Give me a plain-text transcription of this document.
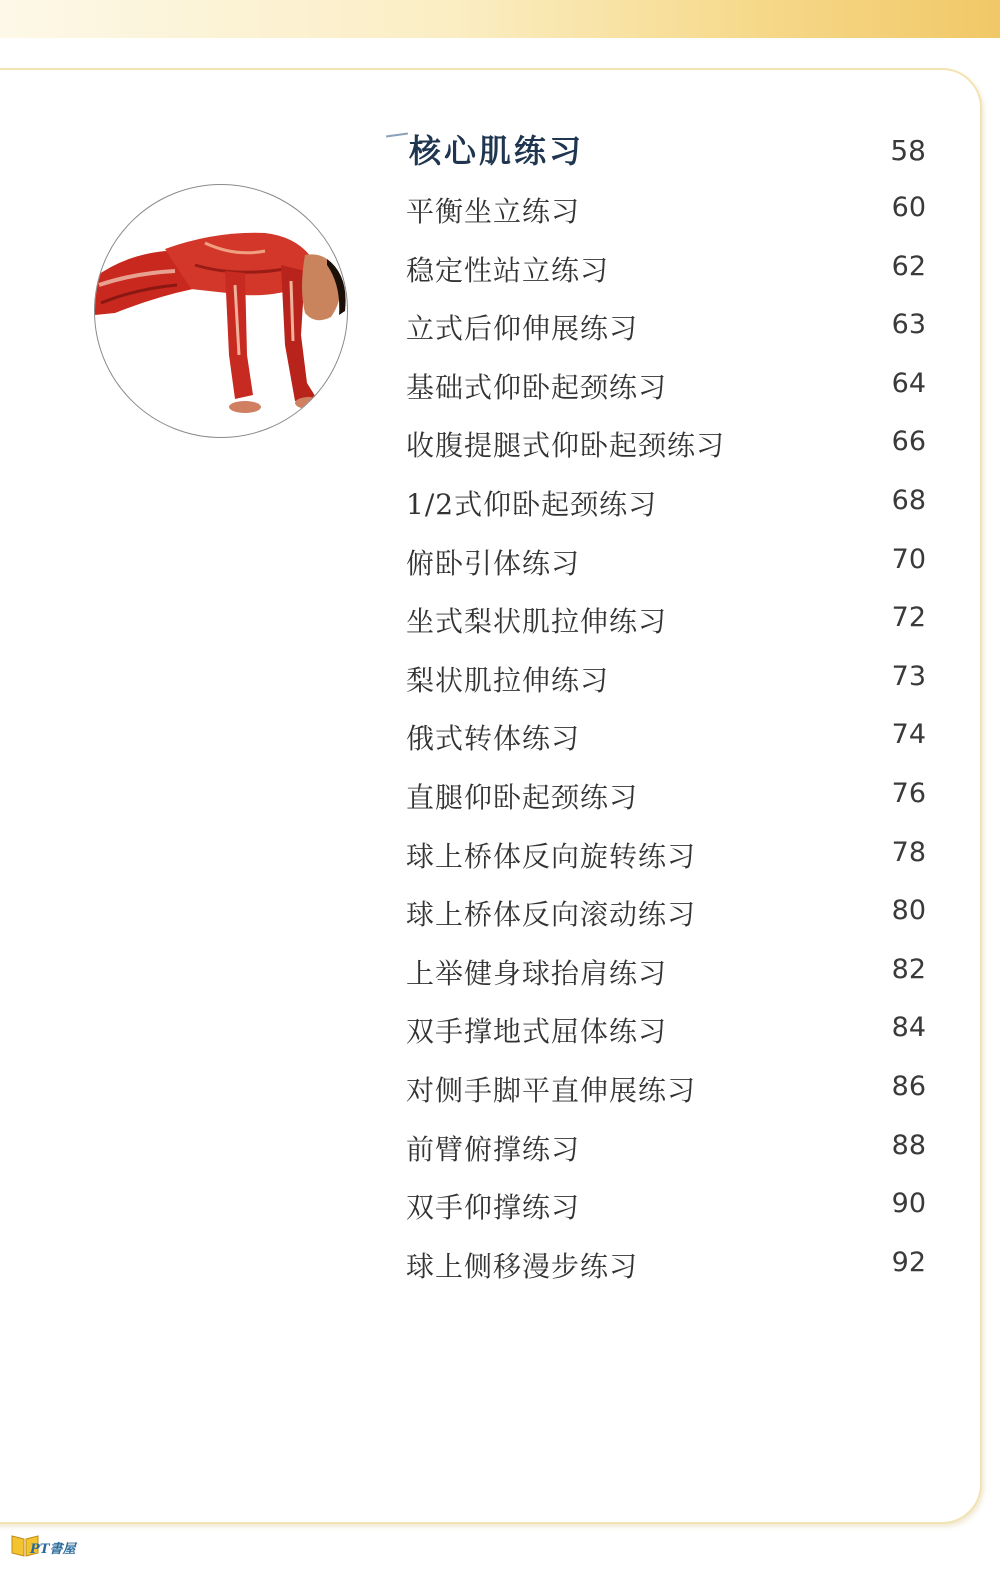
核心肌练习	58
平衡坐立练习	60
稳定性站立练习	62
立式后仰伸展练习	63
基础式仰卧起颈练习	64
收腹提腿式仰卧起颈练习	66
1/2式仰卧起颈练习	68
俯卧引体练习	70
坐式梨状肌拉伸练习	72
梨状肌拉伸练习	73
俄式转体练习	74
直腿仰卧起颈练习	76
球上桥体反向旋转练习	78
球上桥体反向滚动练习	80
上举健身球抬肩练习	82
双手撑地式屈体练习	84
对侧手脚平直伸展练习	86
前臂俯撑练习	88
双手仰撑练习	90
球上侧移漫步练习	92
PT書屋
